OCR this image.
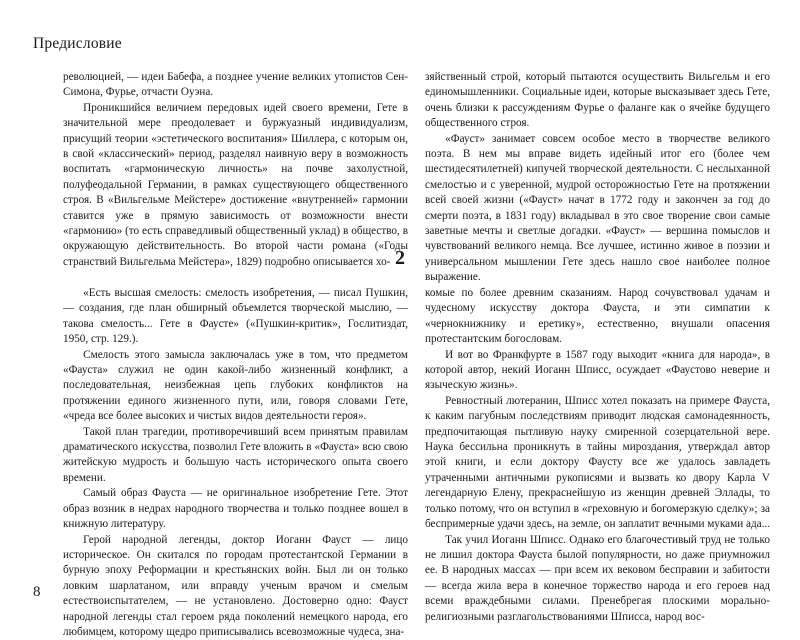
Предисловие

революцией, — идеи Бабефа, а позднее учение великих утопистов Сен-Симона, Фурье, отчасти Оуэна.

Проникшийся величием передовых идей своего времени, Гете в значительной мере преодолевает и буржуазный индивидуализм, присущий теории «эстетического воспитания» Шиллера, с которым он, в свой «классический» период, разделял наивную веру в возможность воспитать «гармоническую личность» на почве захолустной, полуфеодальной Германии, в рамках существующего общественного строя. В «Вильгельме Мейстере» достижение «внутренней» гармонии ставится уже в прямую зависимость от возможности внести «гармонию» (то есть справедливый общественный уклад) в общество, в окружающую действительность. Во второй части романа («Годы странствий Вильгельма Мейстера», 1829) подробно описывается хо-

зяйственный строй, который пытаются осуществить Вильгельм и его единомышленники. Социальные идеи, которые высказывает здесь Гете, очень близки к рассуждениям Фурье о фаланге как о ячейке будущего общественного строя.

«Фауст» занимает совсем особое место в творчестве великого поэта. В нем мы вправе видеть идейный итог его (более чем шестидесятилетней) кипучей творческой деятельности. С неслыханной смелостью и с уверенной, мудрой осторожностью Гете на протяжении всей своей жизни («Фауст» начат в 1772 году и закончен за год до смерти поэта, в 1831 году) вкладывал в это свое творение свои самые заветные мечты и светлые догадки. «Фауст» — вершина помыслов и чувствований великого немца. Все лучшее, истинно живое в поэзии и универсальном мышлении Гете здесь нашло свое наиболее полное выражение.

2

«Есть высшая смелость: смелость изобретения, — писал Пушкин, — создания, где план обширный объемлется творческой мыслию, — такова смелость... Гете в Фаусте» («Пушкин-критик», Гослитиздат, 1950, стр. 129.).

Смелость этого замысла заключалась уже в том, что предметом «Фауста» служил не один какой-либо жизненный конфликт, а последовательная, неизбежная цепь глубоких конфликтов на протяжении единого жизненного пути, или, говоря словами Гете, «чреда все более высоких и чистых видов деятельности героя».

Такой план трагедии, противоречивший всем принятым правилам драматического искусства, позволил Гете вложить в «Фауста» всю свою житейскую мудрость и большую часть исторического опыта своего времени.

Самый образ Фауста — не оригинальное изобретение Гете. Этот образ возник в недрах народного творчества и только позднее вошел в книжную литературу.

Герой народной легенды, доктор Иоганн Фауст — лицо историческое. Он скитался по городам протестантской Германии в бурную эпоху Реформации и крестьянских войн. Был ли он только ловким шарлатаном, или вправду ученым врачом и смелым естествоиспытателем, — не установлено. Достоверно одно: Фауст народной легенды стал героем ряда поколений немецкого народа, его любимцем, которому щедро приписывались всевозможные чудеса, зна-

комые по более древним сказаниям. Народ сочувствовал удачам и чудесному искусству доктора Фауста, и эти симпатии к «чернокнижнику и еретику», естественно, внушали опасения протестантским богословам.

И вот во Франкфурте в 1587 году выходит «книга для народа», в которой автор, некий Иоганн Шписс, осуждает «Фаустово неверие и языческую жизнь».

Ревностный лютеранин, Шписс хотел показать на примере Фауста, к каким пагубным последствиям приводит людская самонадеянность, предпочитающая пытливую науку смиренной созерцательной вере. Наука бессильна проникнуть в тайны мироздания, утверждал автор этой книги, и если доктору Фаусту все же удалось завладеть утраченными античными рукописями и вызвать ко двору Карла V легендарную Елену, прекраснейшую из женщин древней Эллады, то только потому, что он вступил в «греховную и богомерзкую сделку»; за беспримерные удачи здесь, на земле, он заплатит вечными муками ада...

Так учил Иоганн Шписс. Однако его благочестивый труд не только не лишил доктора Фауста былой популярности, но даже приумножил ее. В народных массах — при всем их вековом бесправии и забитости — всегда жила вера в конечное торжество народа и его героев над всеми враждебными силами. Пренебрегая плоскими морально-религиозными разглагольствованиями Шписса, народ вос-

8
